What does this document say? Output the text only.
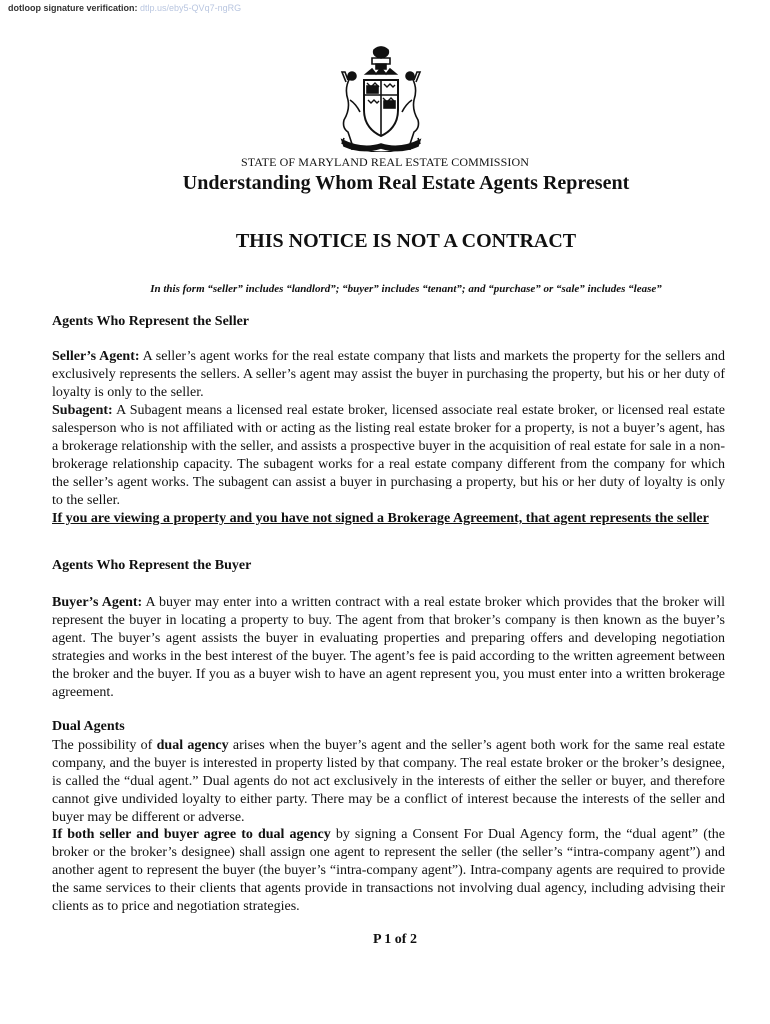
dotloop signature verification: dtlp.us/eby5-QVq7-ngRG
STATE OF MARYLAND REAL ESTATE COMMISSION
Understanding Whom Real Estate Agents Represent
THIS NOTICE IS NOT A CONTRACT
In this form “seller” includes “landlord”; “buyer” includes “tenant”; and “purchase” or “sale” includes “lease”
Agents Who Represent the Seller

Seller’s Agent: A seller’s agent works for the real estate company that lists and markets the property for the sellers and exclusively represents the sellers. A seller’s agent may assist the buyer in purchasing the property, but his or her duty of loyalty is only to the seller.

Subagent: A Subagent means a licensed real estate broker, licensed associate real estate broker, or licensed real estate salesperson who is not affiliated with or acting as the listing real estate broker for a property, is not a buyer’s agent, has a brokerage relationship with the seller, and assists a prospective buyer in the acquisition of real estate for sale in a non-brokerage relationship capacity. The subagent works for a real estate company different from the company for which the seller’s agent works. The subagent can assist a buyer in purchasing a property, but his or her duty of loyalty is only to the seller.

If you are viewing a property and you have not signed a Brokerage Agreement, that agent represents the seller

Agents Who Represent the Buyer

Buyer’s Agent: A buyer may enter into a written contract with a real estate broker which provides that the broker will represent the buyer in locating a property to buy. The agent from that broker’s company is then known as the buyer’s agent. The buyer’s agent assists the buyer in evaluating properties and preparing offers and developing negotiation strategies and works in the best interest of the buyer. The agent’s fee is paid according to the written agreement between the broker and the buyer. If you as a buyer wish to have an agent represent you, you must enter into a written brokerage agreement.

Dual Agents

The possibility of dual agency arises when the buyer’s agent and the seller’s agent both work for the same real estate company, and the buyer is interested in property listed by that company. The real estate broker or the broker’s designee, is called the “dual agent.” Dual agents do not act exclusively in the interests of either the seller or buyer, and therefore cannot give undivided loyalty to either party. There may be a conflict of interest because the interests of the seller and buyer may be different or adverse.

If both seller and buyer agree to dual agency by signing a Consent For Dual Agency form, the “dual agent” (the broker or the broker’s designee) shall assign one agent to represent the seller (the seller’s “intra-company agent”) and another agent to represent the buyer (the buyer’s “intra-company agent”). Intra-company agents are required to provide the same services to their clients that agents provide in transactions not involving dual agency, including advising their clients as to price and negotiation strategies.

P 1 of 2
